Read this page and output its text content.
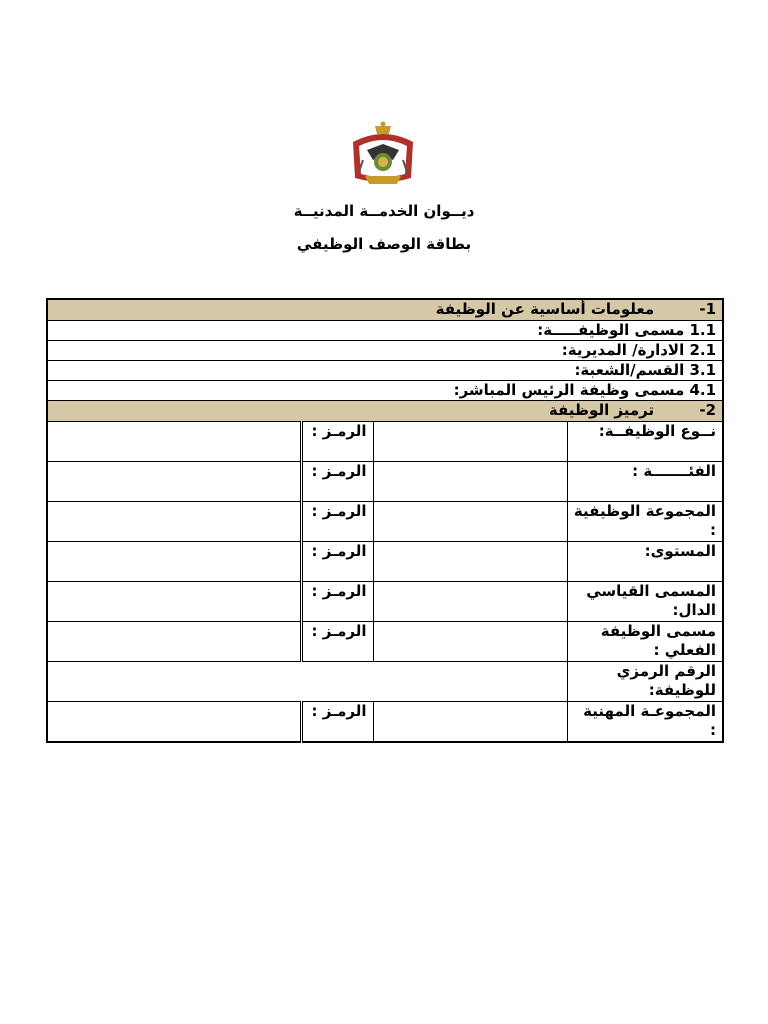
ديــوان الخدمــة المدنيــة
بطاقة الوصف الوظيفي
1- معلومات أساسية عن الوظيفة			
1.1 مسمى الوظيفـــــة:			
2.1 الادارة/ المديرية:			
3.1 القسم/الشعبة:			
4.1 مسمى وظيفة الرئيس المباشر:			
2- ترميز الوظيفة			
نــوع الوظيفــة:		الرمـز :	
الفئـــــــة :		الرمـز :	
المجموعة الوظيفية :		الرمـز :	
المستوى:		الرمـز :	
المسمى القياسي الدال:		الرمـز :	
مسمى الوظيفة الفعلي :		الرمـز :	
الرقم الرمزي للوظيفة:			
المجموعـة المهنية :		الرمـز :	
